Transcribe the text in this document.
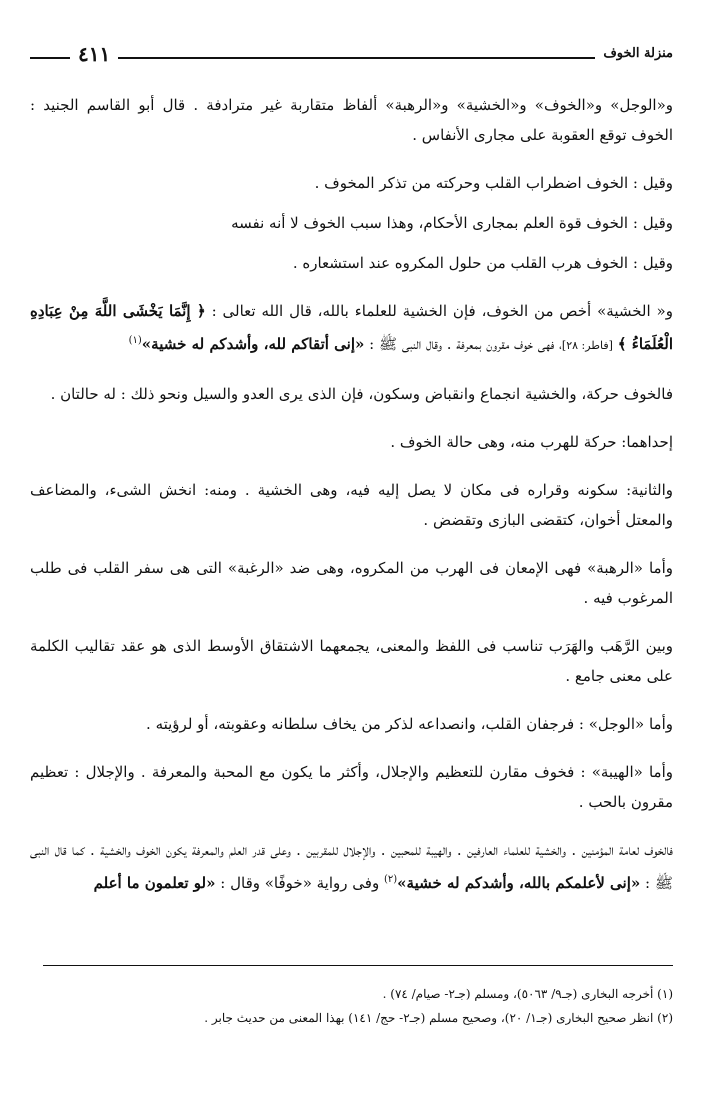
منزلة الخوف
٤١١

و«الوجل» و«الخوف» و«الخشية» و«الرهبة» ألفاظ متقاربة غير مترادفة . قال أبو القاسم الجنيد : الخوف توقع العقوبة على مجارى الأنفاس .

وقيل : الخوف اضطراب القلب وحركته من تذكر المخوف .

وقيل : الخوف قوة العلم بمجارى الأحكام، وهذا سبب الخوف لا أنه نفسه

وقيل : الخوف هرب القلب من حلول المكروه عند استشعاره .

و« الخشية» أخص من الخوف، فإن الخشية للعلماء بالله، قال الله تعالى : ﴿ إِنَّمَا يَخْشَى اللَّهَ مِنْ عِبَادِهِ الْعُلَمَاءُ ﴾ [فاطر: ٢٨]، فهى خوف مقرون بمعرفة . وقال النبى ﷺ : «إنى أتقاكم لله، وأشدكم له خشية»$^{(١)}$

فالخوف حركة، والخشية انجماع وانقباض وسكون، فإن الذى يرى العدو والسيل ونحو ذلك : له حالتان .

إحداهما: حركة للهرب منه، وهى حالة الخوف .

والثانية: سكونه وقراره فى مكان لا يصل إليه فيه، وهى الخشية . ومنه: انخش الشىء، والمضاعف والمعتل أخوان، كتقضى البازى وتقضض .

وأما «الرهبة» فهى الإمعان فى الهرب من المكروه، وهى ضد «الرغبة» التى هى سفر القلب فى طلب المرغوب فيه .

وبين الرَّهَب والهَرَب تناسب فى اللفظ والمعنى، يجمعهما الاشتقاق الأوسط الذى هو عقد تقاليب الكلمة على معنى جامع .

وأما «الوجل» : فرجفان القلب، وانصداعه لذكر من يخاف سلطانه وعقوبته، أو لرؤيته .

وأما «الهيبة» : فخوف مقارن للتعظيم والإجلال، وأكثر ما يكون مع المحبة والمعرفة . والإجلال : تعظيم مقرون بالحب .

فالخوف لعامة المؤمنين . والخشية للعلماء العارفين . والهيبة للمحبين . والإجلال للمقربين . وعلى قدر العلم والمعرفة يكون الخوف والخشية . كما قال النبى ﷺ : «إنى لأعلمكم بالله، وأشدكم له خشية»$^{(٢)}$ وفى رواية «خوفًا» وقال : «لو تعلمون ما أعلم

(١) أخرجه البخارى (جـ٩/ ٥٠٦٣)، ومسلم (جـ٢- صيام/ ٧٤) .
(٢) انظر صحيح البخارى (جـ١/ ٢٠)، وصحيح مسلم (جـ٢- حج/ ١٤١) بهذا المعنى من حديث جابر .
